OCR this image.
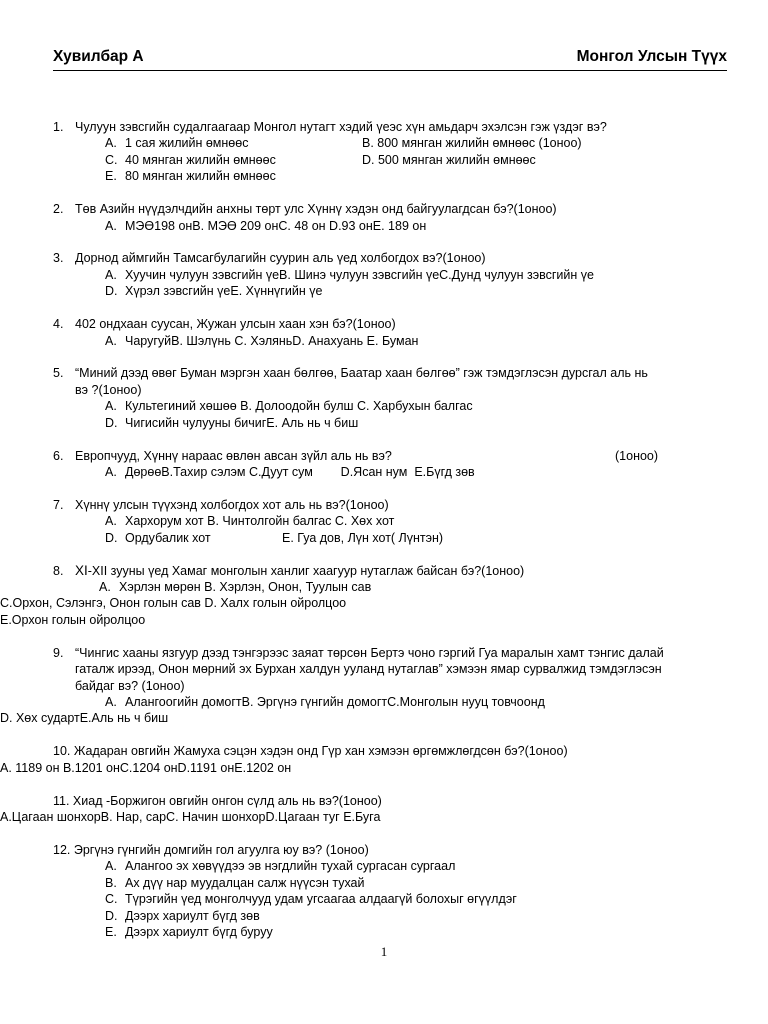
Хувилбар А	Монгол Улсын Түүх
1. Чулуун зэвсгийн судалгаагаар Монгол нутагт хэдий үеэс хүн амьдарч эхэлсэн гэж үздэг вэ?
A. 1 сая жилийн өмнөөс	B. 800 мянган жилийн өмнөөс (1оноо)
C. 40 мянган жилийн өмнөөс	D. 500 мянган жилийн өмнөөс
E. 80 мянган жилийн өмнөөс
2. Төв Азийн нүүдэлчдийн анхны төрт улс Хүннү хэдэн онд байгуулагдсан бэ?(1оноо)
A. МЭӨ198 онB. МЭӨ 209 онC. 48 он D.93 онE. 189 он
3. Дорнод аймгийн Тамсагбулагийн суурин аль үед холбогдох вэ?(1оноо)
A. Хуучин чулуун зэвсгийн үеB. Шинэ чулуун зэвсгийн үеC.Дунд чулуун зэвсгийн үе
D. Хүрэл зэвсгийн үеE. Хүннүгийн үе
4. 402 ондхаан суусан, Жужан улсын хаан хэн бэ?(1оноо)
A. ЧаругуйB. Шэлүнь C. ХэляньD. Анахуань E. Буман
5. “Миний дээд өвөг Буман мэргэн хаан бөлгөө, Баатар хаан бөлгөө” гэж тэмдэглэсэн дурсгал аль нь
вэ ?(1оноо)
A. Культегиний хөшөө B. Долоодойн булш C. Харбухын балгас
D. Чигисийн чулууны бичигE. Аль нь ч биш
6. Европчууд, Хүннү нараас өвлөн авсан зүйл аль нь вэ?	(1оноо)
A. ДөрөөB.Тахир сэлэм C.Дуут сум        D.Ясан нум  E.Бүгд зөв
7. Хүннү улсын түүхэнд холбогдох хот аль нь вэ?(1оноо)
A. Хархорум хот B. Чинтолгойн балгас C. Хөх хот
D. Ордубалик хот	E. Гуа дов, Лүн хот( Лүнтэн)
8. XI -XII зууны үед Хамаг монголын ханлиг хаагуур нутаглаж байсан бэ?(1оноо)
A. Хэрлэн мөрөн B. Хэрлэн, Онон, Туулын сав
C.Орхон, Сэлэнгэ, Онон голын сав D. Халх голын ойролцоо
E.Орхон голын ойролцоо
9. “Чингис хааны язгуур дээд тэнгэрээс заяат төрсөн Бертэ чоно гэргий Гуа маралын хамт тэнгис далай
гаталж ирээд, Онон мөрний эх Бурхан халдун ууланд нутаглав” хэмээн ямар сурвалжид тэмдэглэсэн
байдаг вэ? (1оноо)
A. Алангоогийн домогтB. Эргүнэ гүнгийн домогтC.Монголын нууц товчоонд
D. Хөх судартE.Аль нь ч биш
10. Жадаран овгийн Жамуха сэцэн хэдэн онд Гүр хан хэмээн өргөмжлөгдсөн бэ?(1оноо)
A. 1189 он B.1201 онC.1204 онD.1191 онE.1202 он
11. Хиад -Боржигон овгийн онгон сүлд аль нь вэ?(1оноо)
A.Цагаан шонхорB. Нар, сарC. Начин шонхорD.Цагаан туг E.Буга
12. Эргүнэ гүнгийн домгийн гол агуулга юу вэ? (1оноо)
A. Алангоо эх хөвүүдээ эв нэгдлийн тухай сургасан сургаал
B. Ах дүү нар муудалцан салж нүүсэн тухай
C. Түрэгийн үед монголчууд удам угсаагаа алдаагүй болохыг өгүүлдэг
D. Дээрх хариулт бүгд зөв
E. Дээрх хариулт бүгд буруу
1
